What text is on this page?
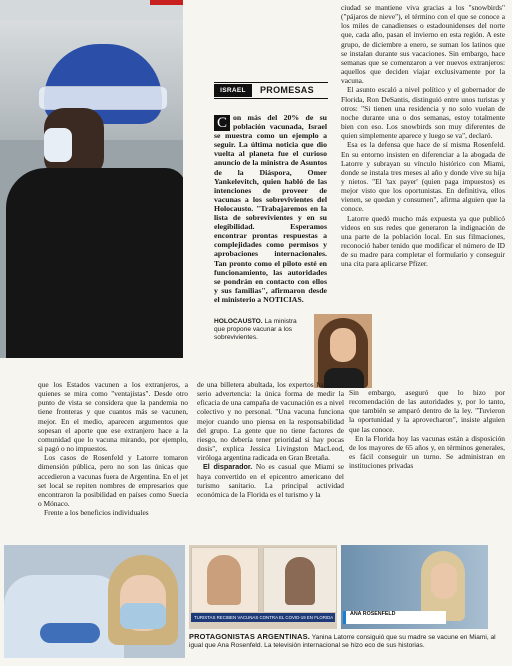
ISRAEL	PROMESAS
C on más del 20% de su población vacunada, Israel se muestra como un ejemplo a seguir. La última noticia que dio vuelta al planeta fue el curioso anuncio de la ministra de Asuntos de la Diáspora, Omer Yankelevitch, quien habló de las intenciones de proveer de vacunas a los sobrevivientes del Holocausto. "Trabajaremos en la lista de sobrevivientes y en su elegibilidad. Esperamos encontrar prontas respuestas a complejidades como permisos y aprobaciones internacionales. Tan pronto como el piloto esté en funcionamiento, las autoridades se pondrán en contacto con ellos y sus familias", afirmaron desde el ministerio a NOTICIAS.

ciudad se mantiene viva gracias a los "snowbirds" ("pájaros de nieve"), el término con el que se conoce a los miles de canadienses o estadounidenses del norte que, cada año, pasan el invierno en esta región. A este grupo, de diciembre a enero, se suman los latinos que se instalan durante sus vacaciones. Sin embargo, hace semanas que se comenzaron a ver nuevos extranjeros: aquellos que deciden viajar exclusivamente por la vacuna.

El asunto escaló a nivel político y el gobernador de Florida, Ron DeSantis, distinguió entre unos turistas y otros: "Si tienen una residencia y no solo vuelan de noche durante una o dos semanas, estoy totalmente bien con eso. Los snowbirds son muy diferentes de quien simplemente aparece y luego se va", declaró.

Esa es la defensa que hace de sí misma Rosenfeld. En su entorno insisten en diferenciar a la abogada de Latorre y subrayan su vínculo histórico con Miami, donde se instala tres meses al año y donde vive su hija y nietos. "El 'tax payer' (quien paga impuestos) es mejor visto que los oportunistas. En definitiva, ellos vienen, se quedan y consumen", afirma alguien que la conoce.

Latorre quedó mucho más expuesta ya que publicó videos en sus redes que generaron la indignación de una parte de la población local. En sus filmaciones, reconoció haber tenido que modificar el número de ID de su madre para completar el formulario y conseguir una cita para aplicarse Pfizer.

HOLOCAUSTO. La ministra que propone vacunar a los sobrevivientes.

que los Estados vacunen a los extranjeros, a quienes se mira como "ventajistas". Desde otro punto de vista se considera que la pandemia no tiene fronteras y que cuantos más se vacunen, mejor. En el medio, aparecen argumentos que sopesan el aporte que ese extranjero hace a la comunidad que lo vacuna mirando, por ejemplo, si pagó o no impuestos.

Los casos de Rosenfeld y Latorre tomaron dimensión pública, pero no son las únicas que accedieron a vacunas fuera de Argentina. En el jet set local se repiten nombres de empresarios que encontraron la posibilidad en países como Suecia o Mónaco.

Frente a los beneficios individuales

de una billetera abultada, los expertos hacen un serio advertencia: la única forma de medir la eficacia de una campaña de vacunación es a nivel colectivo y no personal. "Una vacuna funciona mejor cuando uno piensa en la responsabilidad del grupo. La gente que no tiene factores de riesgo, no debería tener prioridad si hay pocas dosis", explica Jessica Livingston MacLeod, viróloga argentina radicada en Gran Bretaña.

El disparador. No es casual que Miami se haya convertido en el epicentro americano del turismo sanitario. La principal actividad económica de la Florida es el turismo y la

Sin embargo, aseguró que lo hizo por recomendación de las autoridades y, por lo tanto, que también se amparó dentro de la ley. "Tuvieron la oportunidad y la aprovecharon", insiste alguien que las conoce.

En la Florida hoy las vacunas están a disposición de los mayores de 65 años y, en términos generales, es fácil conseguir un turno. Se administran en instituciones privadas

TURISTAS RECIBEN VACUNAS CONTRA EL COVID-19 EN FLORIDA
ANA ROSENFELD
PROTAGONISTAS ARGENTINAS. Yanina Latorre consiguió que su madre se vacune en Miami, al igual que Ana Rosenfeld. La televisión internacional se hizo eco de sus historias.
